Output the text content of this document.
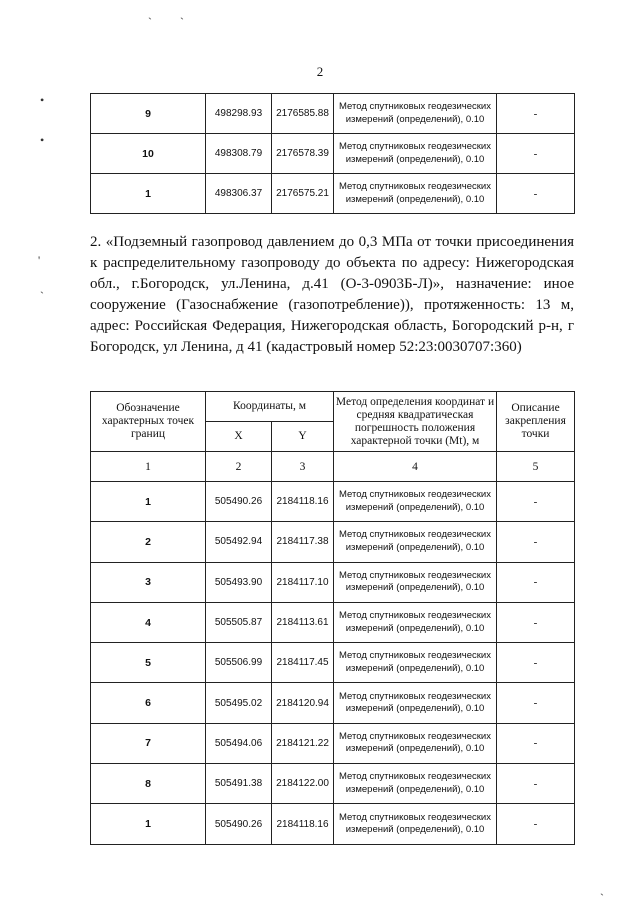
ˎ ˎ
•
•
'
ˎ
ˎ
2
9	498298.93	2176585.88	Метод спутниковых геодезических измерений (определений), 0.10	-
10	498308.79	2176578.39	Метод спутниковых геодезических измерений (определений), 0.10	-
1	498306.37	2176575.21	Метод спутниковых геодезических измерений (определений), 0.10	-
2. «Подземный газопровод давлением до 0,3 МПа от точки присоединения к распределительному газопроводу до объекта по адресу: Нижегородская обл., г.Богородск, ул.Ленина, д.41 (О-3-0903Б-Л)», назначение: иное сооружение (Газоснабжение (газопотребление)), протяженность: 13 м, адрес: Российская Федерация, Нижегородская область, Богородский р-н, г Богородск, ул Ленина, д 41 (кадастровый номер 52:23:0030707:360)
Обозначение характерных точек границ	Координаты, м		Метод определения координат и средняя квадратическая погрешность положения характерной точки (Mt), м	Описание закрепления точки
	X	Y		
1	2	3	4	5
1	505490.26	2184118.16	Метод спутниковых геодезических измерений (определений), 0.10	-
2	505492.94	2184117.38	Метод спутниковых геодезических измерений (определений), 0.10	-
3	505493.90	2184117.10	Метод спутниковых геодезических измерений (определений), 0.10	-
4	505505.87	2184113.61	Метод спутниковых геодезических измерений (определений), 0.10	-
5	505506.99	2184117.45	Метод спутниковых геодезических измерений (определений), 0.10	-
6	505495.02	2184120.94	Метод спутниковых геодезических измерений (определений), 0.10	-
7	505494.06	2184121.22	Метод спутниковых геодезических измерений (определений), 0.10	-
8	505491.38	2184122.00	Метод спутниковых геодезических измерений (определений), 0.10	-
1	505490.26	2184118.16	Метод спутниковых геодезических измерений (определений), 0.10	-
